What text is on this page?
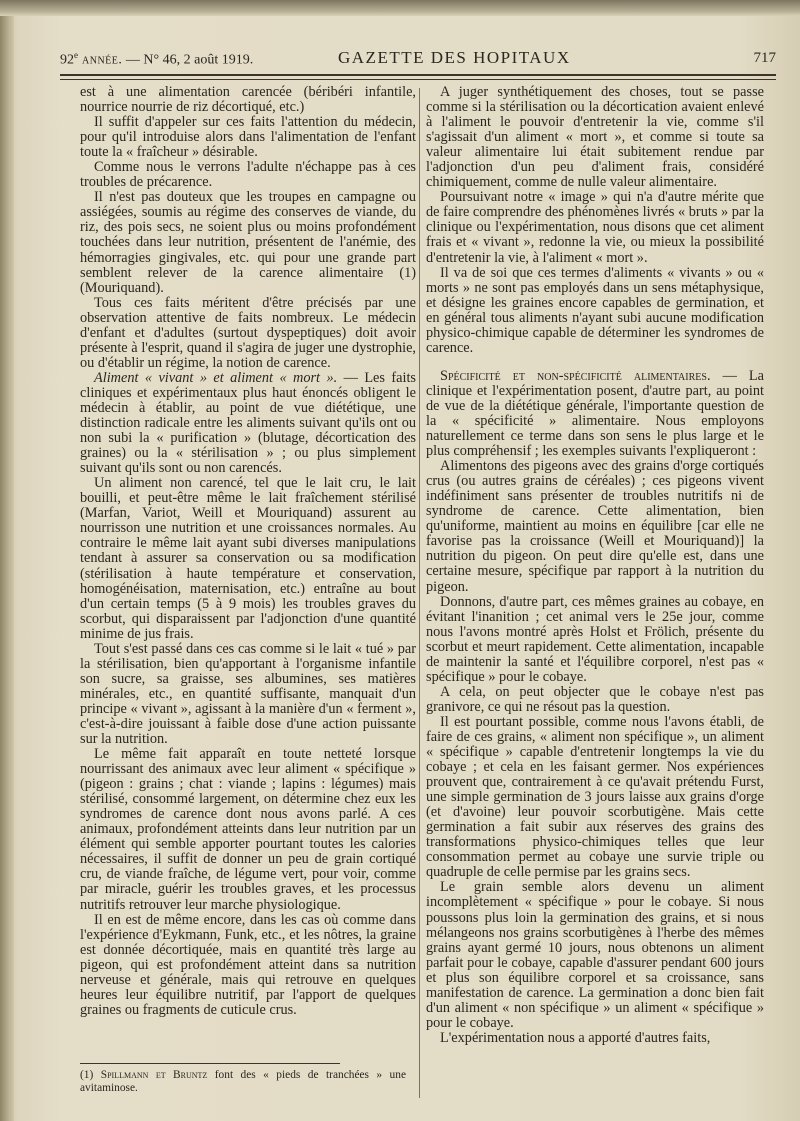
92e année. — N° 46, 2 août 1919.	GAZETTE DES HOPITAUX	717

est à une alimentation carencée (béribéri infantile, nourrice nourrie de riz décortiqué, etc.)

Il suffit d'appeler sur ces faits l'attention du médecin, pour qu'il introduise alors dans l'alimentation de l'enfant toute la « fraîcheur » désirable.

Comme nous le verrons l'adulte n'échappe pas à ces troubles de précarence.

Il n'est pas douteux que les troupes en campagne ou assiégées, soumis au régime des conserves de viande, du riz, des pois secs, ne soient plus ou moins profondément touchées dans leur nutrition, présentent de l'anémie, des hémorragies gingivales, etc. qui pour une grande part semblent relever de la carence alimentaire (1) (Mouriquand).

Tous ces faits méritent d'être précisés par une observation attentive de faits nombreux. Le médecin d'enfant et d'adultes (surtout dyspeptiques) doit avoir présente à l'esprit, quand il s'agira de juger une dystrophie, ou d'établir un régime, la notion de carence.

Aliment « vivant » et aliment « mort ». — Les faits cliniques et expérimentaux plus haut énoncés obligent le médecin à établir, au point de vue diététique, une distinction radicale entre les aliments suivant qu'ils ont ou non subi la « purification » (blutage, décortication des graines) ou la « stérilisation » ; ou plus simplement suivant qu'ils sont ou non carencés.

Un aliment non carencé, tel que le lait cru, le lait bouilli, et peut-être même le lait fraîchement stérilisé (Marfan, Variot, Weill et Mouriquand) assurent au nourrisson une nutrition et une croissances normales. Au contraire le même lait ayant subi diverses manipulations tendant à assurer sa conservation ou sa modification (stérilisation à haute température et conservation, homogénéisation, maternisation, etc.) entraîne au bout d'un certain temps (5 à 9 mois) les troubles graves du scorbut, qui disparaissent par l'adjonction d'une quantité minime de jus frais.

Tout s'est passé dans ces cas comme si le lait « tué » par la stérilisation, bien qu'apportant à l'organisme infantile son sucre, sa graisse, ses albumines, ses matières minérales, etc., en quantité suffisante, manquait d'un principe « vivant », agissant à la manière d'un « ferment », c'est-à-dire jouissant à faible dose d'une action puissante sur la nutrition.

Le même fait apparaît en toute netteté lorsque nourrissant des animaux avec leur aliment « spécifique » (pigeon : grains ; chat : viande ; lapins : légumes) mais stérilisé, consommé largement, on détermine chez eux les syndromes de carence dont nous avons parlé. A ces animaux, profondément atteints dans leur nutrition par un élément qui semble apporter pourtant toutes les calories nécessaires, il suffit de donner un peu de grain cortiqué cru, de viande fraîche, de légume vert, pour voir, comme par miracle, guérir les troubles graves, et les processus nutritifs retrouver leur marche physiologique.

Il en est de même encore, dans les cas où comme dans l'expérience d'Eykmann, Funk, etc., et les nôtres, la graine est donnée décortiquée, mais en quantité très large au pigeon, qui est profondément atteint dans sa nutrition nerveuse et générale, mais qui retrouve en quelques heures leur équilibre nutritif, par l'apport de quelques graines ou fragments de cuticule crus.

A juger synthétiquement des choses, tout se passe comme si la stérilisation ou la décortication avaient enlevé à l'aliment le pouvoir d'entretenir la vie, comme s'il s'agissait d'un aliment « mort », et comme si toute sa valeur alimentaire lui était subitement rendue par l'adjonction d'un peu d'aliment frais, considéré chimiquement, comme de nulle valeur alimentaire.

Poursuivant notre « image » qui n'a d'autre mérite que de faire comprendre des phénomènes livrés « bruts » par la clinique ou l'expérimentation, nous disons que cet aliment frais et « vivant », redonne la vie, ou mieux la possibilité d'entretenir la vie, à l'aliment « mort ».

Il va de soi que ces termes d'aliments « vivants » ou « morts » ne sont pas employés dans un sens métaphysique, et désigne les graines encore capables de germination, et en général tous aliments n'ayant subi aucune modification physico-chimique capable de déterminer les syndromes de carence.

Spécificité et non-spécificité alimentaires. — La clinique et l'expérimentation posent, d'autre part, au point de vue de la diététique générale, l'importante question de la « spécificité » alimentaire. Nous employons naturellement ce terme dans son sens le plus large et le plus compréhensif ; les exemples suivants l'expliqueront :

Alimentons des pigeons avec des grains d'orge cortiqués crus (ou autres grains de céréales) ; ces pigeons vivent indéfiniment sans présenter de troubles nutritifs ni de syndrome de carence. Cette alimentation, bien qu'uniforme, maintient au moins en équilibre [car elle ne favorise pas la croissance (Weill et Mouriquand)] la nutrition du pigeon. On peut dire qu'elle est, dans une certaine mesure, spécifique par rapport à la nutrition du pigeon.

Donnons, d'autre part, ces mêmes graines au cobaye, en évitant l'inanition ; cet animal vers le 25e jour, comme nous l'avons montré après Holst et Frölich, présente du scorbut et meurt rapidement. Cette alimentation, incapable de maintenir la santé et l'équilibre corporel, n'est pas « spécifique » pour le cobaye.

A cela, on peut objecter que le cobaye n'est pas granivore, ce qui ne résout pas la question.

Il est pourtant possible, comme nous l'avons établi, de faire de ces grains, « aliment non spécifique », un aliment « spécifique » capable d'entretenir longtemps la vie du cobaye ; et cela en les faisant germer. Nos expériences prouvent que, contrairement à ce qu'avait prétendu Furst, une simple germination de 3 jours laisse aux grains d'orge (et d'avoine) leur pouvoir scorbutigène. Mais cette germination a fait subir aux réserves des grains des transformations physico-chimiques telles que leur consommation permet au cobaye une survie triple ou quadruple de celle permise par les grains secs.

Le grain semble alors devenu un aliment incomplètement « spécifique » pour le cobaye. Si nous poussons plus loin la germination des grains, et si nous mélangeons nos grains scorbutigènes à l'herbe des mêmes grains ayant germé 10 jours, nous obtenons un aliment parfait pour le cobaye, capable d'assurer pendant 600 jours et plus son équilibre corporel et sa croissance, sans manifestation de carence. La germination a donc bien fait d'un aliment « non spécifique » un aliment « spécifique » pour le cobaye.

L'expérimentation nous a apporté d'autres faits,

(1) Spillmann et Bruntz font des « pieds de tranchées » une avitaminose.
